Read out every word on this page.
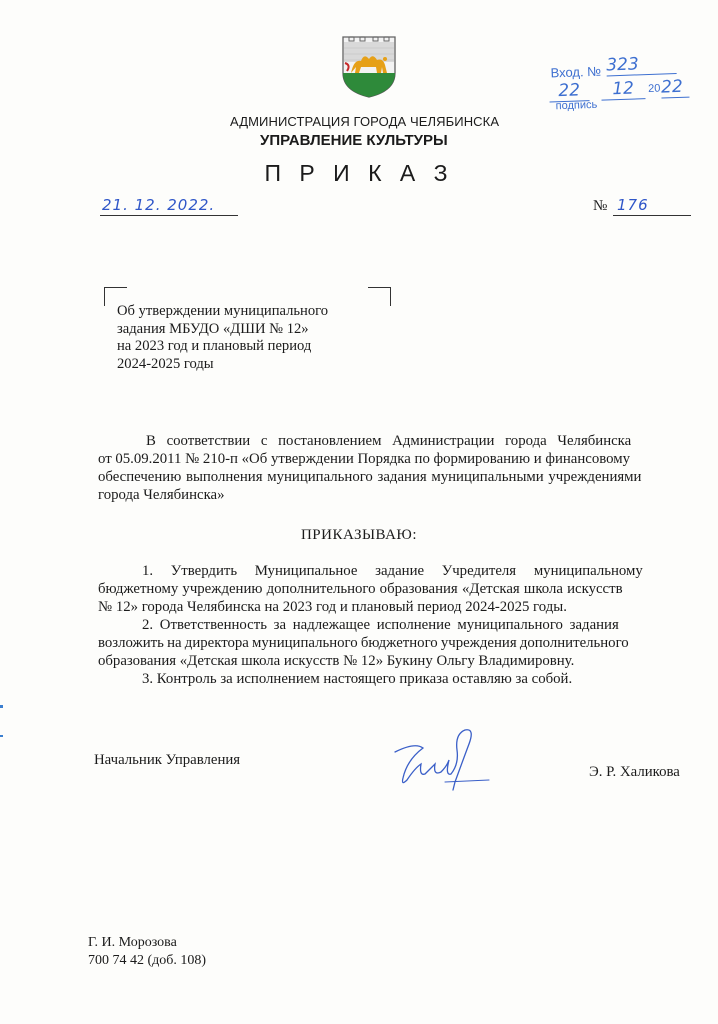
Вход. № 323
22	12	20 22
подпись
АДМИНИСТРАЦИЯ ГОРОДА ЧЕЛЯБИНСКА
УПРАВЛЕНИЕ КУЛЬТУРЫ
П Р И К А З
21. 12. 2022.	№ 176
Об утверждении муниципального
задания МБУДО «ДШИ № 12»
на 2023 год и плановый период
2024-2025 годы
В соответствии с постановлением Администрации города Челябинска
от 05.09.2011 № 210-п «Об утверждении Порядка по формированию и финансовому
обеспечению выполнения муниципального задания муниципальными учреждениями
города Челябинска»
ПРИКАЗЫВАЮ:
1. Утвердить Муниципальное задание Учредителя муниципальному
бюджетному учреждению дополнительного образования «Детская школа искусств
№ 12» города Челябинска на 2023 год и плановый период 2024-2025 годы.
2. Ответственность за надлежащее исполнение муниципального задания
возложить на директора муниципального бюджетного учреждения дополнительного
образования «Детская школа искусств № 12» Букину Ольгу Владимировну.
3. Контроль за исполнением настоящего приказа оставляю за собой.
Начальник Управления
Э. Р. Халикова
Г. И. Морозова
700 74 42 (доб. 108)
